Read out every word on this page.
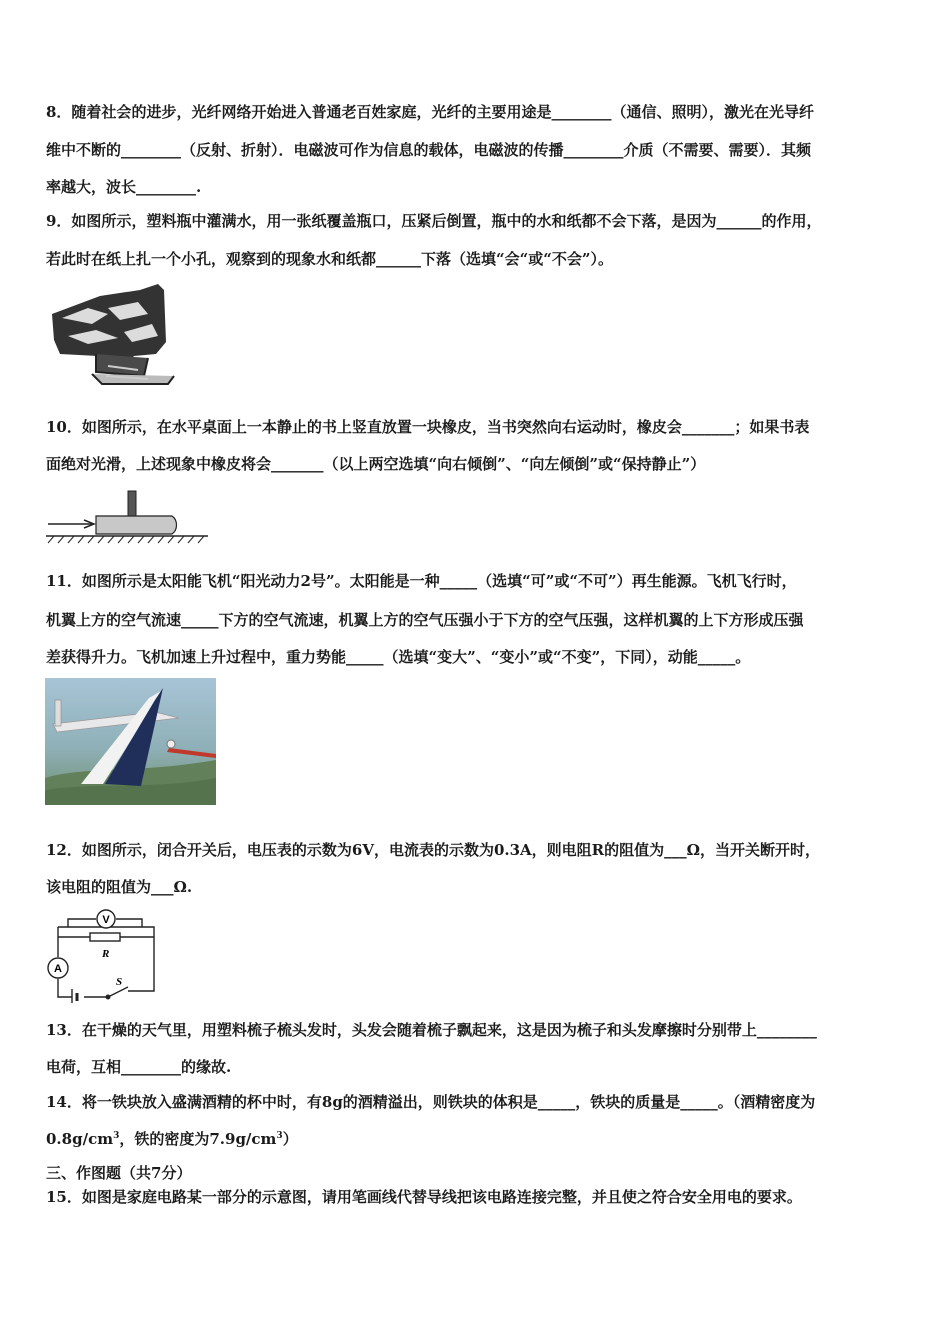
8．随着社会的进步，光纤网络开始进入普通老百姓家庭，光纤的主要用途是________（通信、照明），激光在光导纤
维中不断的________（反射、折射）．电磁波可作为信息的载体，电磁波的传播________介质（不需要、需要）．其频
率越大，波长________.
9．如图所示，塑料瓶中灌满水，用一张纸覆盖瓶口，压紧后倒置，瓶中的水和纸都不会下落，是因为______的作用，
若此时在纸上扎一个小孔，观察到的现象水和纸都______下落（选填“会“或“不会”）。
10．如图所示，在水平桌面上一本静止的书上竖直放置一块橡皮，当书突然向右运动时，橡皮会_______；如果书表
面绝对光滑，上述现象中橡皮将会_______（以上两空选填“向右倾倒”、“向左倾倒”或“保持静止”）
11．如图所示是太阳能飞机“阳光动力2号”。太阳能是一种_____（选填“可”或“不可”）再生能源。飞机飞行时，
机翼上方的空气流速_____下方的空气流速，机翼上方的空气压强小于下方的空气压强，这样机翼的上下方形成压强
差获得升力。飞机加速上升过程中，重力势能_____（选填“变大”、“变小”或“不变”，下同），动能_____。
12．如图所示，闭合开关后，电压表的示数为6V，电流表的示数为0.3A，则电阻R的阻值为___Ω，当开关断开时，
该电阻的阻值为___Ω.
V
A
R
S
13．在干燥的天气里，用塑料梳子梳头发时，头发会随着梳子飘起来，这是因为梳子和头发摩擦时分别带上________
电荷，互相________的缘故.
14．将一铁块放入盛满酒精的杯中时，有8g的酒精溢出，则铁块的体积是_____，铁块的质量是_____。（酒精密度为
$0.8g/cm^3$，铁的密度为$7.9g/cm^3$）
三、作图题（共7分）
15．如图是家庭电路某一部分的示意图，请用笔画线代替导线把该电路连接完整，并且使之符合安全用电的要求。
